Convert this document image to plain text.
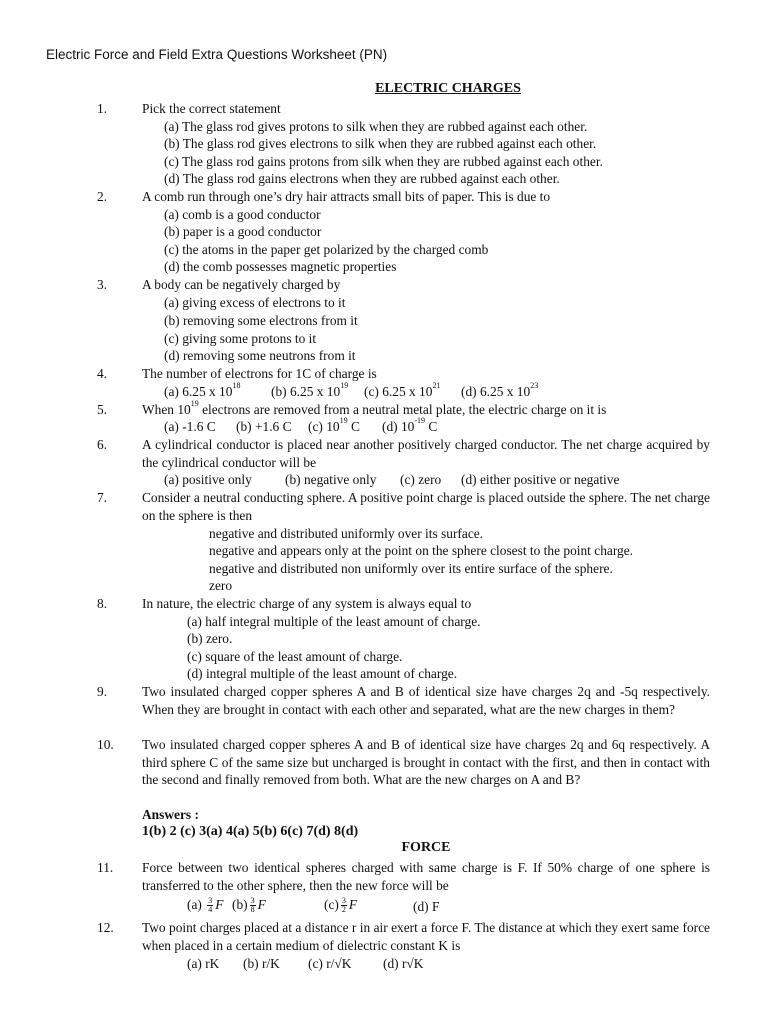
Electric Force and Field Extra Questions Worksheet (PN)
ELECTRIC CHARGES
1.	Pick the correct statement
(a) The glass rod gives protons to silk when they are rubbed against each other.
(b) The glass rod gives electrons to silk when they are rubbed against each other.
(c) The glass rod gains protons from silk when they are rubbed against each other.
(d) The glass rod gains electrons when they are rubbed against each other.
2.	A comb run through one’s dry hair attracts small bits of paper. This is due to
(a) comb is a good conductor
(b) paper is a good conductor
(c) the atoms in the paper get polarized by the charged comb
(d) the comb possesses magnetic properties
3.	A body can be negatively charged by
(a) giving excess of electrons to it
(b) removing some electrons from it
(c) giving some protons to it
(d) removing some neutrons from it
4.	The number of electrons for 1C of charge is
(a) 6.25 x $10^{18}$ (b) 6.25 x $10^{19}$ (c) 6.25 x $10^{21}$ (d) 6.25 x $10^{23}$
5.	When $10^{19}$ electrons are removed from a neutral metal plate, the electric charge on it is
(a) -1.6 C (b) +1.6 C (c) $10^{19}$ C (d) $10^{-19}$ C
6.	A cylindrical conductor is placed near another positively charged conductor. The net charge acquired by the cylindrical conductor will be
(a) positive only (b) negative only (c) zero (d) either positive or negative
7.	Consider a neutral conducting sphere. A positive point charge is placed outside the sphere. The net charge on the sphere is then
negative and distributed uniformly over its surface.
negative and appears only at the point on the sphere closest to the point charge.
negative and distributed non uniformly over its entire surface of the sphere.
zero
8.	In nature, the electric charge of any system is always equal to
(a) half integral multiple of the least amount of charge.
(b) zero.
(c) square of the least amount of charge.
(d) integral multiple of the least amount of charge.
9.	Two insulated charged copper spheres A and B of identical size have charges 2q and -5q respectively. When they are brought in contact with each other and separated, what are the new charges in them?
10. Two insulated charged copper spheres A and B of identical size have charges 2q and 6q respectively. A third sphere C of the same size but uncharged is brought in contact with the first, and then in contact with the second and finally removed from both. What are the new charges on A and B?
Answers :
1(b) 2 (c) 3(a) 4(a) 5(b) 6(c) 7(d) 8(d)
FORCE
11. Force between two identical spheres charged with same charge is F. If 50% charge of one sphere is transferred to the other sphere, then the new force will be
$(a) \frac{3}{4}$ F $(b) \frac{3}{8}$ F	$(c) \frac{3}{2}$ F	(d) F
12. Two point charges placed at a distance r in air exert a force F. The distance at which they exert same force when placed in a certain medium of dielectric constant K is
(a) rK (b) r/K (c) r/√K (d) r√K
